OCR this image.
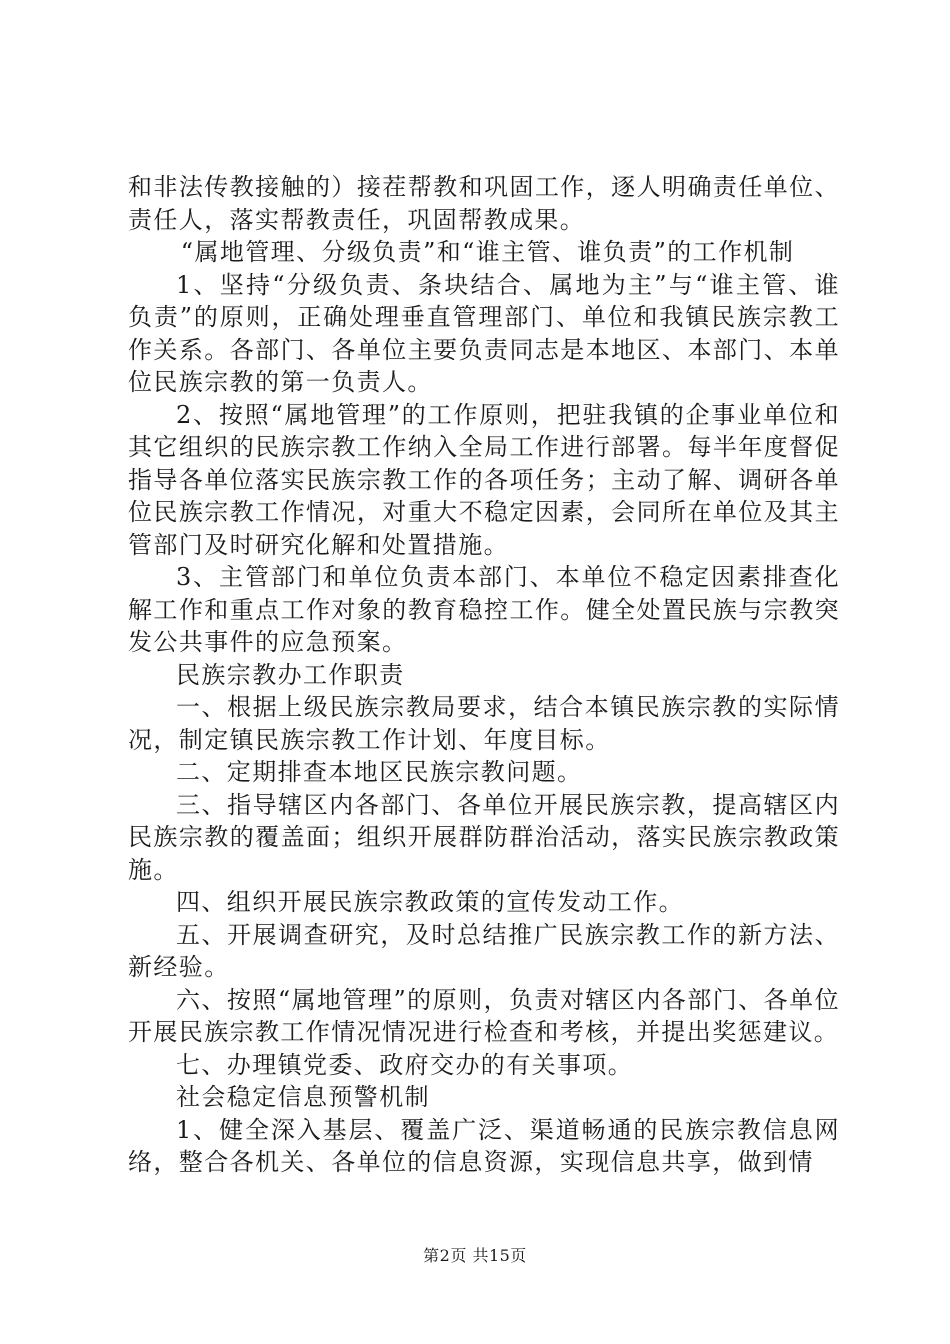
和非法传教接触的）接茬帮教和巩固工作，逐人明确责任单位、责任人，落实帮教责任，巩固帮教成果。

“属地管理、分级负责”和“谁主管、谁负责”的工作机制

1、坚持“分级负责、条块结合、属地为主”与“谁主管、谁负责”的原则，正确处理垂直管理部门、单位和我镇民族宗教工作关系。各部门、各单位主要负责同志是本地区、本部门、本单位民族宗教的第一负责人。

2、按照“属地管理”的工作原则，把驻我镇的企事业单位和其它组织的民族宗教工作纳入全局工作进行部署。每半年度督促指导各单位落实民族宗教工作的各项任务；主动了解、调研各单位民族宗教工作情况，对重大不稳定因素，会同所在单位及其主管部门及时研究化解和处置措施。

3、主管部门和单位负责本部门、本单位不稳定因素排查化解工作和重点工作对象的教育稳控工作。健全处置民族与宗教突发公共事件的应急预案。

民族宗教办工作职责

一、根据上级民族宗教局要求，结合本镇民族宗教的实际情况，制定镇民族宗教工作计划、年度目标。

二、定期排查本地区民族宗教问题。

三、指导辖区内各部门、各单位开展民族宗教，提高辖区内民族宗教的覆盖面；组织开展群防群治活动，落实民族宗教政策施。

四、组织开展民族宗教政策的宣传发动工作。

五、开展调查研究，及时总结推广民族宗教工作的新方法、新经验。

六、按照“属地管理”的原则，负责对辖区内各部门、各单位开展民族宗教工作情况情况进行检查和考核，并提出奖惩建议。

七、办理镇党委、政府交办的有关事项。

社会稳定信息预警机制

1、健全深入基层、覆盖广泛、渠道畅通的民族宗教信息网络，整合各机关、各单位的信息资源，实现信息共享，做到情

第2页 共15页
